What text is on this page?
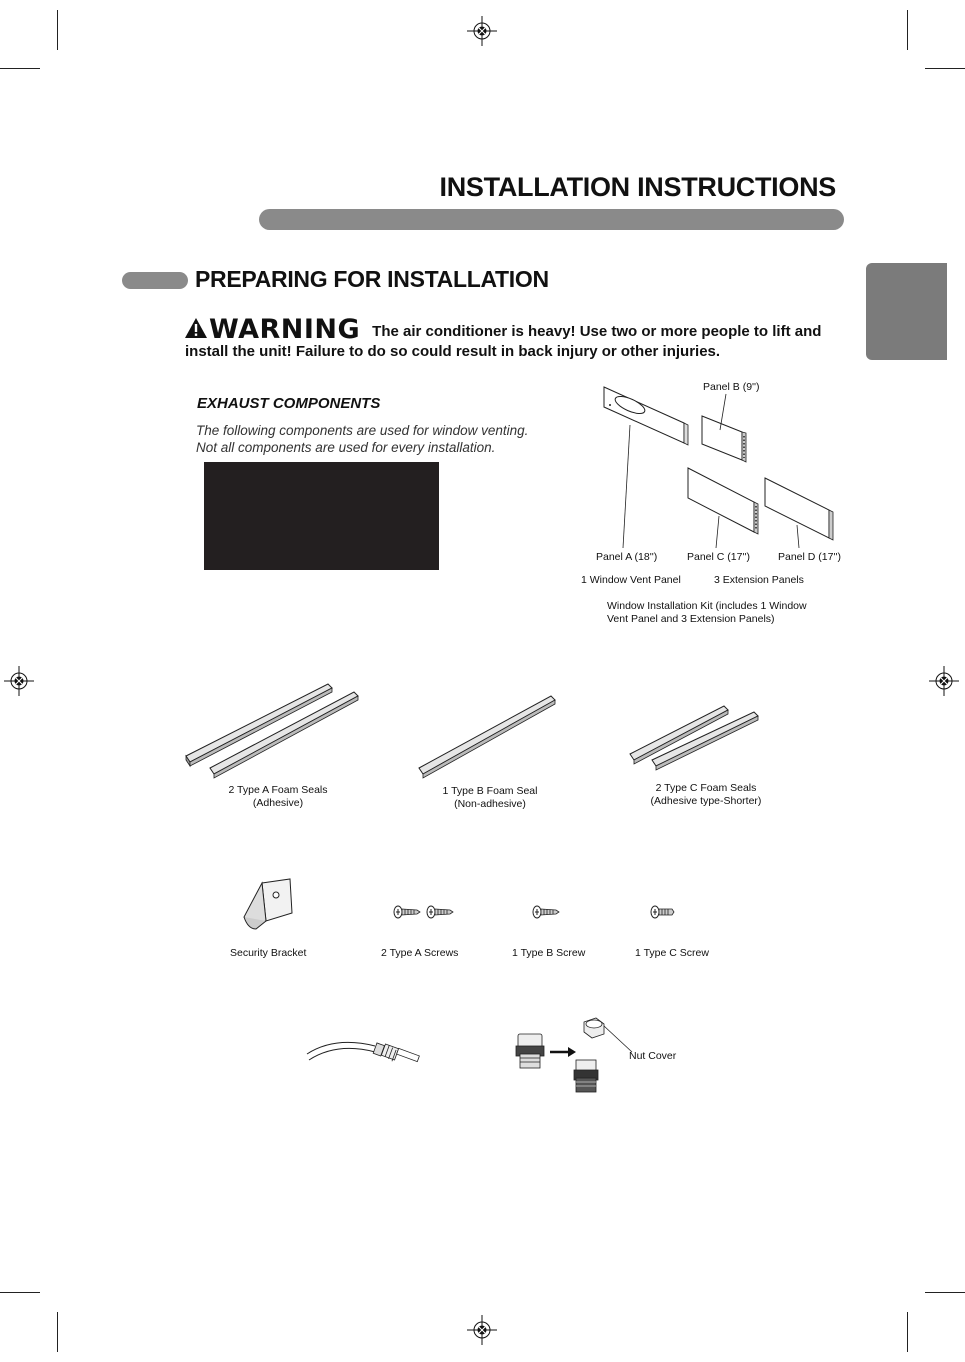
INSTALLATION INSTRUCTIONS
PREPARING FOR INSTALLATION
WARNING The air conditioner is heavy! Use two or more people to lift and install the unit! Failure to do so could result in back injury or other injuries.
EXHAUST COMPONENTS
The following components are used for window venting.
Not all components are used for every installation.
Panel B (9'')
Panel A (18'')	Panel C (17'')	Panel D (17'')
1 Window Vent Panel	3 Extension Panels
Window Installation Kit (includes 1 Window
Vent Panel and 3 Extension Panels)
2 Type A Foam Seals
(Adhesive)
1 Type B Foam Seal
(Non-adhesive)
2 Type C Foam Seals
(Adhesive type-Shorter)
Security Bracket	2 Type A Screws	1 Type B Screw	1 Type C Screw
Nut Cover
